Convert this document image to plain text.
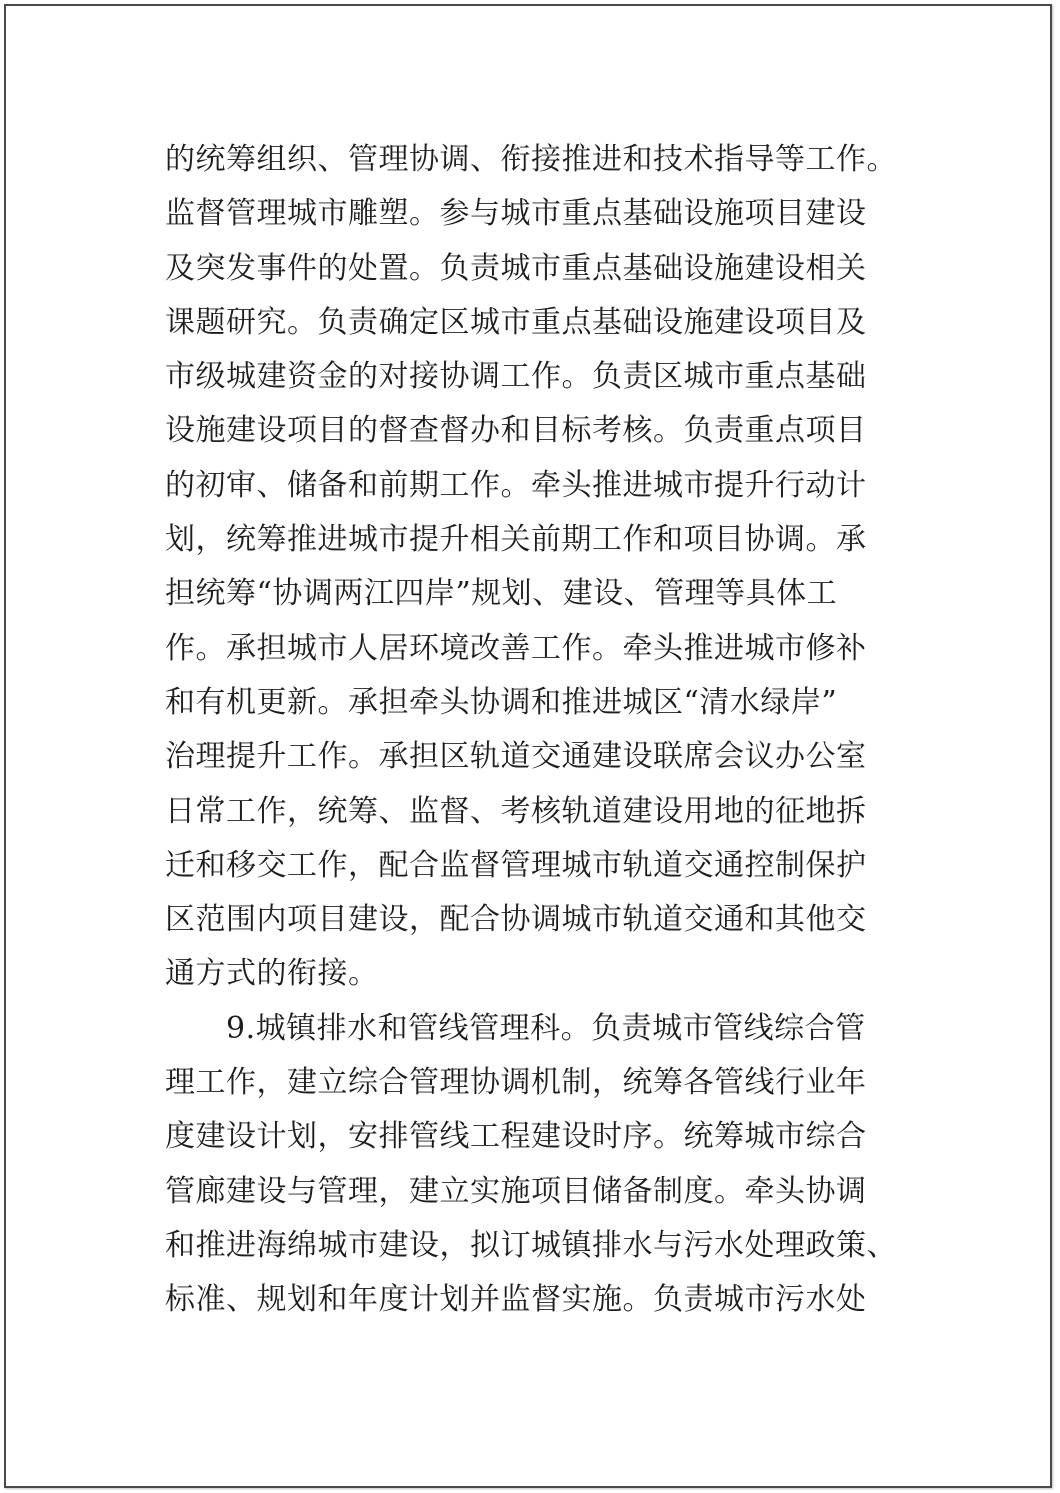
的统筹组织、管理协调、衔接推进和技术指导等工作。
监督管理城市雕塑。参与城市重点基础设施项目建设
及突发事件的处置。负责城市重点基础设施建设相关
课题研究。负责确定区城市重点基础设施建设项目及
市级城建资金的对接协调工作。负责区城市重点基础
设施建设项目的督查督办和目标考核。负责重点项目
的初审、储备和前期工作。牵头推进城市提升行动计
划，统筹推进城市提升相关前期工作和项目协调。承
担统筹“协调两江四岸”规划、建设、管理等具体工
作。承担城市人居环境改善工作。牵头推进城市修补
和有机更新。承担牵头协调和推进城区“清水绿岸”
治理提升工作。承担区轨道交通建设联席会议办公室
日常工作，统筹、监督、考核轨道建设用地的征地拆
迁和移交工作，配合监督管理城市轨道交通控制保护
区范围内项目建设，配合协调城市轨道交通和其他交
通方式的衔接。
　　9.城镇排水和管线管理科。负责城市管线综合管
理工作，建立综合管理协调机制，统筹各管线行业年
度建设计划，安排管线工程建设时序。统筹城市综合
管廊建设与管理，建立实施项目储备制度。牵头协调
和推进海绵城市建设，拟订城镇排水与污水处理政策、
标准、规划和年度计划并监督实施。负责城市污水处
